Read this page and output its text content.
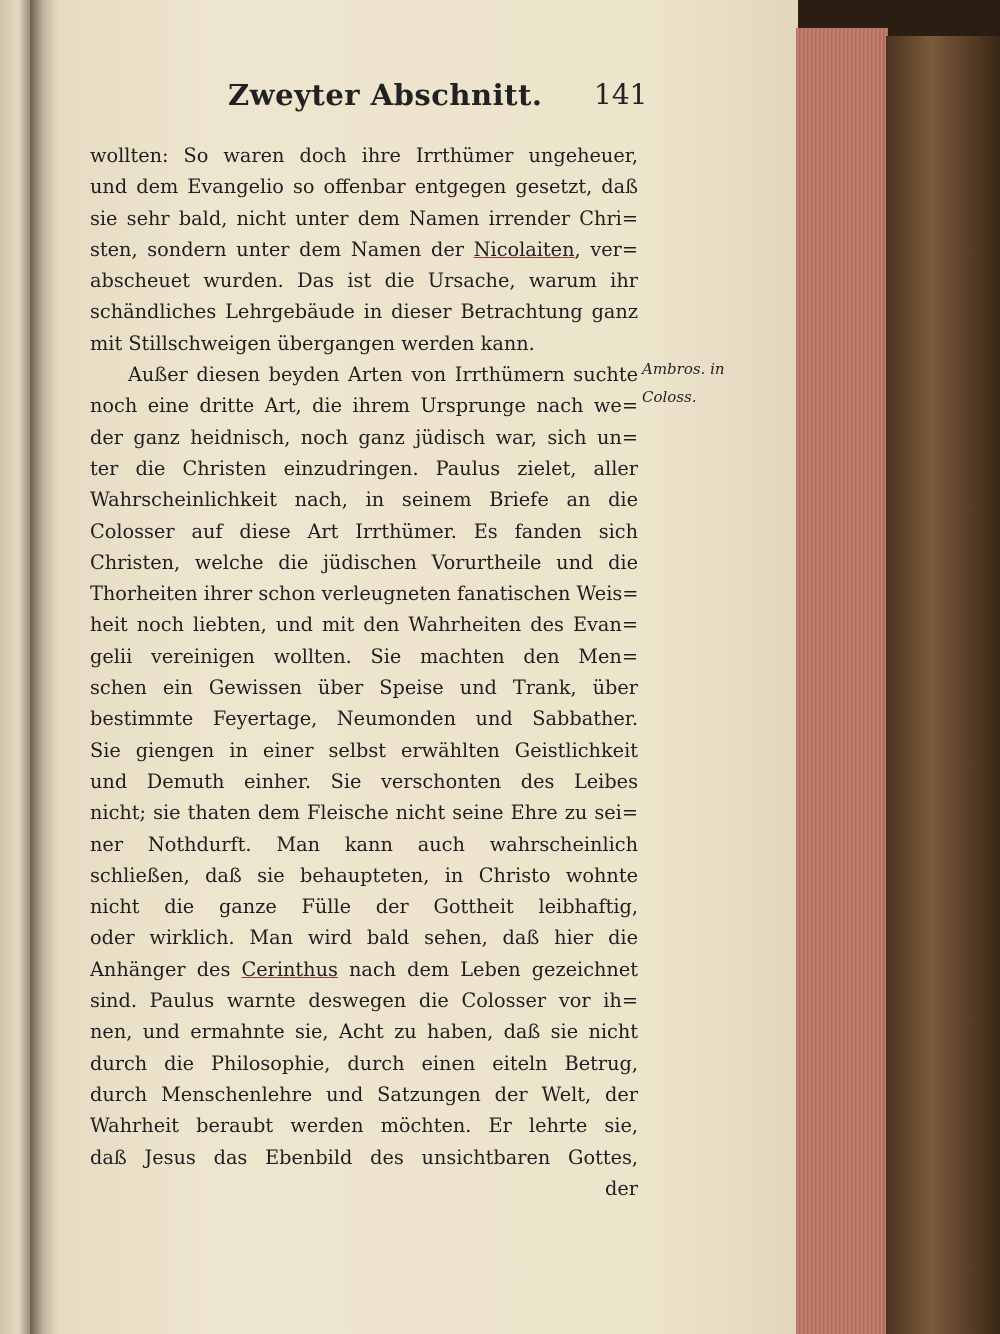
Zweyter Abschnitt. 141
wollten: So waren doch ihre Irrthümer ungeheuer,
und dem Evangelio so offenbar entgegen gesetzt, daß
sie sehr bald, nicht unter dem Namen irrender Chri=
sten, sondern unter dem Namen der Nicolaiten, ver=
abscheuet wurden. Das ist die Ursache, warum ihr
schändliches Lehrgebäude in dieser Betrachtung ganz
mit Stillschweigen übergangen werden kann.
Außer diesen beyden Arten von Irrthümern suchte
noch eine dritte Art, die ihrem Ursprunge nach we=
der ganz heidnisch, noch ganz jüdisch war, sich un=
ter die Christen einzudringen. Paulus zielet, aller
Wahrscheinlichkeit nach, in seinem Briefe an die
Colosser auf diese Art Irrthümer. Es fanden sich
Christen, welche die jüdischen Vorurtheile und die
Thorheiten ihrer schon verleugneten fanatischen Weis=
heit noch liebten, und mit den Wahrheiten des Evan=
gelii vereinigen wollten. Sie machten den Men=
schen ein Gewissen über Speise und Trank, über
bestimmte Feyertage, Neumonden und Sabbather.
Sie giengen in einer selbst erwählten Geistlichkeit
und Demuth einher. Sie verschonten des Leibes
nicht; sie thaten dem Fleische nicht seine Ehre zu sei=
ner Nothdurft. Man kann auch wahrscheinlich
schließen, daß sie behaupteten, in Christo wohnte
nicht die ganze Fülle der Gottheit leibhaftig,
oder wirklich. Man wird bald sehen, daß hier die
Anhänger des Cerinthus nach dem Leben gezeichnet
sind. Paulus warnte deswegen die Colosser vor ih=
nen, und ermahnte sie, Acht zu haben, daß sie nicht
durch die Philosophie, durch einen eiteln Betrug,
durch Menschenlehre und Satzungen der Welt, der
Wahrheit beraubt werden möchten. Er lehrte sie,
daß Jesus das Ebenbild des unsichtbaren Gottes,
der
Ambros. in
Coloss.
